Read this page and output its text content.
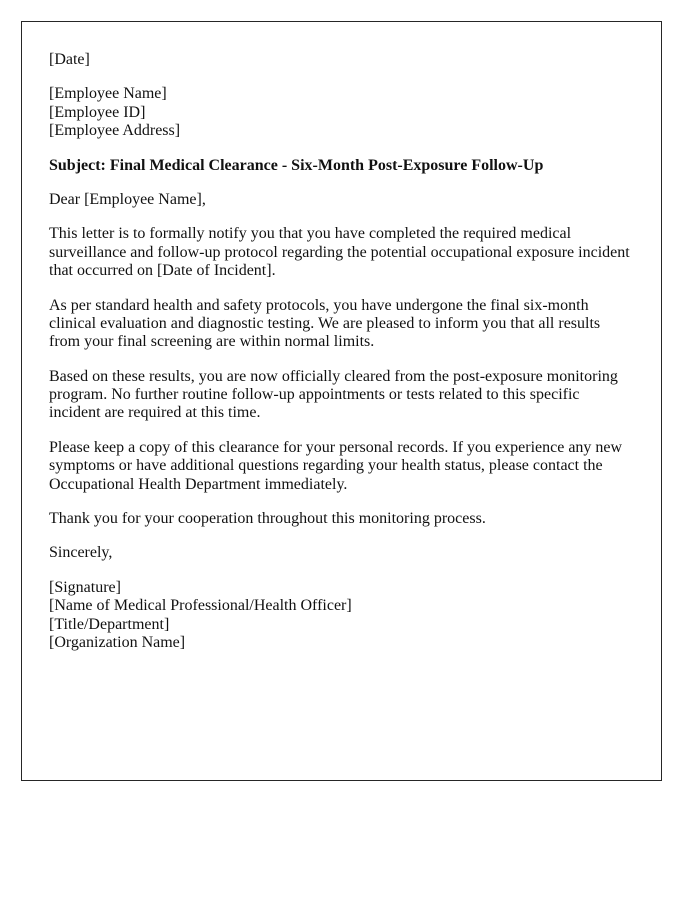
[Date]

[Employee Name]
[Employee ID]
[Employee Address]

Subject: Final Medical Clearance - Six-Month Post-Exposure Follow-Up

Dear [Employee Name],

This letter is to formally notify you that you have completed the required medical surveillance and follow-up protocol regarding the potential occupational exposure incident that occurred on [Date of Incident].

As per standard health and safety protocols, you have undergone the final six-month clinical evaluation and diagnostic testing. We are pleased to inform you that all results from your final screening are within normal limits.

Based on these results, you are now officially cleared from the post-exposure monitoring program. No further routine follow-up appointments or tests related to this specific incident are required at this time.

Please keep a copy of this clearance for your personal records. If you experience any new symptoms or have additional questions regarding your health status, please contact the Occupational Health Department immediately.

Thank you for your cooperation throughout this monitoring process.

Sincerely,

[Signature]
[Name of Medical Professional/Health Officer]
[Title/Department]
[Organization Name]
